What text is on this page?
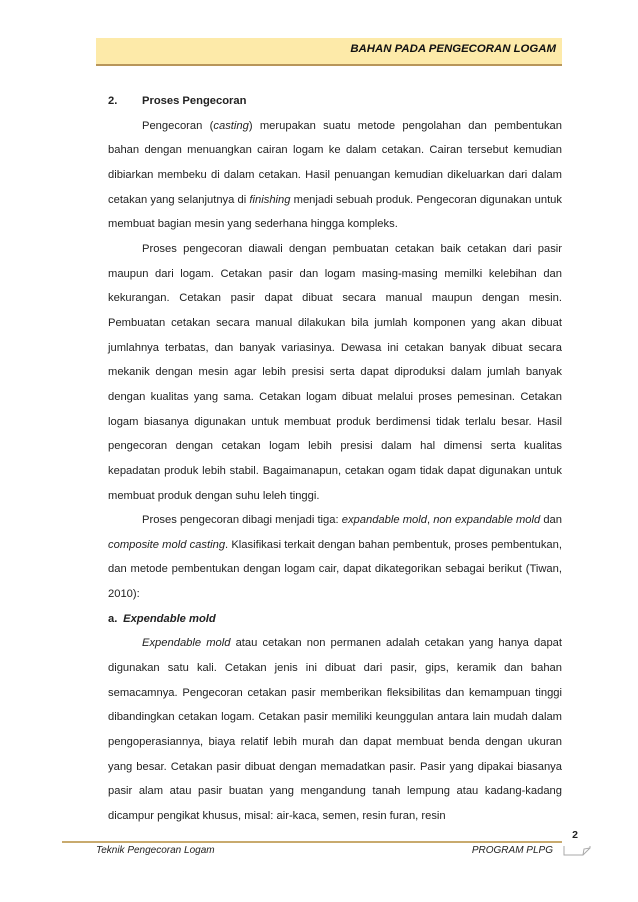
BAHAN PADA PENGECORAN LOGAM

2. Proses Pengecoran

Pengecoran (casting) merupakan suatu metode pengolahan dan pembentukan bahan dengan menuangkan cairan logam ke dalam cetakan. Cairan tersebut kemudian dibiarkan membeku di dalam cetakan. Hasil penuangan kemudian dikeluarkan dari dalam cetakan yang selanjutnya di finishing menjadi sebuah produk. Pengecoran digunakan untuk membuat bagian mesin yang sederhana hingga kompleks.

Proses pengecoran diawali dengan pembuatan cetakan baik cetakan dari pasir maupun dari logam. Cetakan pasir dan logam masing-masing memilki kelebihan dan kekurangan. Cetakan pasir dapat dibuat secara manual maupun dengan mesin. Pembuatan cetakan secara manual dilakukan bila jumlah komponen yang akan dibuat jumlahnya terbatas, dan banyak variasinya. Dewasa ini cetakan banyak dibuat secara mekanik dengan mesin agar lebih presisi serta dapat diproduksi dalam jumlah banyak dengan kualitas yang sama. Cetakan logam dibuat melalui proses pemesinan. Cetakan logam biasanya digunakan untuk membuat produk berdimensi tidak terlalu besar. Hasil pengecoran dengan cetakan logam lebih presisi dalam hal dimensi serta kualitas kepadatan produk lebih stabil. Bagaimanapun, cetakan ogam tidak dapat digunakan untuk membuat produk dengan suhu leleh tinggi.

Proses pengecoran dibagi menjadi tiga: expandable mold, non expandable mold dan composite mold casting. Klasifikasi terkait dengan bahan pembentuk, proses pembentukan, dan metode pembentukan dengan logam cair, dapat dikategorikan sebagai berikut (Tiwan, 2010):

a. Expendable mold

Expendable mold atau cetakan non permanen adalah cetakan yang hanya dapat digunakan satu kali. Cetakan jenis ini dibuat dari pasir, gips, keramik dan bahan semacamnya. Pengecoran cetakan pasir memberikan fleksibilitas dan kemampuan tinggi dibandingkan cetakan logam. Cetakan pasir memiliki keunggulan antara lain mudah dalam pengoperasiannya, biaya relatif lebih murah dan dapat membuat benda dengan ukuran yang besar. Cetakan pasir dibuat dengan memadatkan pasir. Pasir yang dipakai biasanya pasir alam atau pasir buatan yang mengandung tanah lempung atau kadang-kadang dicampur pengikat khusus, misal: air-kaca, semen, resin furan, resin

2
Teknik Pengecoran Logam	PROGRAM PLPG
